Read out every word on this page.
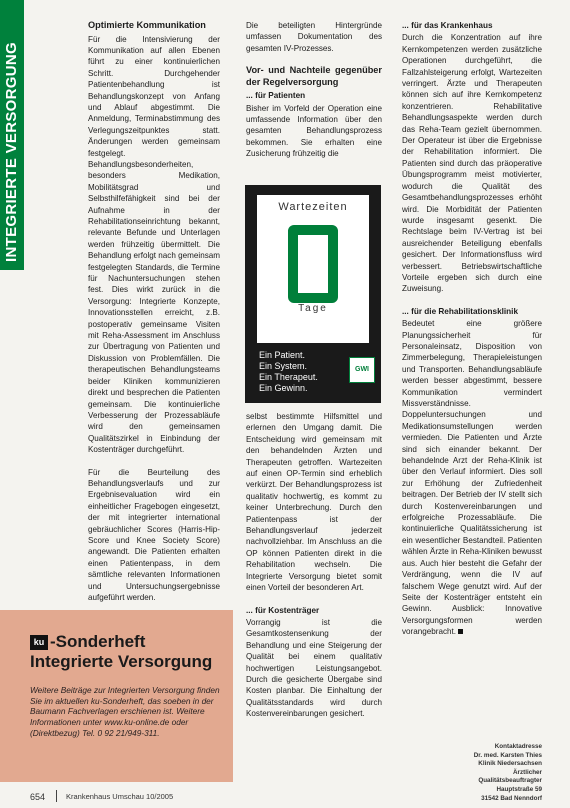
INTEGRIERTE VERSORGUNG
Optimierte Kommunikation

Für die Intensivierung der Kommunikation auf allen Ebenen führt zu einer kontinuierlichen Schritt. Durchgehender Patientenbehandlung ist Behandlungskonzept von Anfang und Ablauf abgestimmt. Die Anmeldung, Terminabstimmung des Verlegungszeitpunktes statt. Änderungen werden gemeinsam festgelegt. Behandlungsbesonderheiten, besonders Medikation, Mobilitätsgrad und Selbsthilfefähigkeit sind bei der Aufnahme in der Rehabilitationseinrichtung bekannt, relevante Befunde und Unterlagen werden frühzeitig übermittelt. Die Behandlung erfolgt nach gemeinsam festgelegten Standards, die Termine für Nachuntersuchungen stehen fest. Dies wirkt zurück in die Versorgung: Integrierte Konzepte, Innovationsstellen erreicht, z.B. postoperativ gemeinsame Visiten mit Reha-Assessment im Anschluss zur Übertragung von Patienten und Diskussion von Problemfällen. Die therapeutischen Behandlungsteams beider Kliniken kommunizieren direkt und besprechen die Patienten gemeinsam. Die kontinuierliche Verbesserung der Prozessabläufe wird den gemeinsamen Qualitätszirkel in Einbindung der Kostenträger durchgeführt.

Für die Beurteilung des Behandlungsverlaufs und zur Ergebnisevaluation wird ein einheitlicher Fragebogen eingesetzt, der mit integrierter international gebräuchlicher Scores (Harris-Hip-Score und Knee Society Score) angewandt. Die Patienten erhalten einen Patientenpass, in dem sämtliche relevanten Informationen und Untersuchungsergebnisse aufgeführt werden.

Die beteiligten Hintergründe umfassen Dokumentation des gesamten IV-Prozesses.

Vor- und Nachteile gegenüber der Regelversorgung
... für Patienten

Bisher im Vorfeld der Operation eine umfassende Information über den gesamten Behandlungsprozess bekommen. Sie erhalten eine Zusicherung frühzeitig die

Wartezeiten
Tage
Ein Patient.
Ein System.
Ein Therapeut.
Ein Gewinn.
GWI

selbst bestimmte Hilfsmittel und erlernen den Umgang damit. Die Entscheidung wird gemeinsam mit den behandelnden Ärzten und Therapeuten getroffen. Wartezeiten auf einen OP-Termin sind erheblich verkürzt. Der Behandlungsprozess ist qualitativ hochwertig, es kommt zu keiner Unterbrechung. Durch den Patientenpass ist der Behandlungsverlauf jederzeit nachvollziehbar. Im Anschluss an die OP können Patienten direkt in die Rehabilitation wechseln. Die Integrierte Versorgung bietet somit einen Vorteil der besonderen Art.

... für Kostenträger

Vorrangig ist die Gesamtkostensenkung der Behandlung und eine Steigerung der Qualität bei einem qualitativ hochwertigen Leistungsangebot. Durch die gesicherte Übergabe sind Kosten planbar. Die Einhaltung der Qualitätsstandards wird durch Kostenvereinbarungen gesichert.

... für das Krankenhaus

Durch die Konzentration auf ihre Kernkompetenzen werden zusätzliche Operationen durchgeführt, die Fallzahlsteigerung erfolgt, Wartezeiten verringert. Ärzte und Therapeuten können sich auf ihre Kernkompetenz konzentrieren. Rehabilitative Behandlungsaspekte werden durch das Reha-Team gezielt übernommen. Der Operateur ist über die Ergebnisse der Rehabilitation informiert. Die Patienten sind durch das präoperative Übungsprogramm meist motivierter, wodurch die Qualität des Gesamtbehandlungsprozesses erhöht wird. Die Morbidität der Patienten wurde insgesamt gesenkt. Die Rechtslage beim IV-Vertrag ist bei ausreichender Beteiligung ebenfalls gesichert. Der Informationsfluss wird verbessert. Betriebswirtschaftliche Vorteile ergeben sich durch eine Zuweisung.

... für die Rehabilitationsklinik

Bedeutet eine größere Planungssicherheit für Personaleinsatz, Disposition von Zimmerbelegung, Therapieleistungen und Transporten. Behandlungsabläufe werden besser abgestimmt, bessere Kommunikation vermindert Missverständnisse. Doppeluntersuchungen und Medikationsumstellungen werden vermieden. Die Patienten und Ärzte sind sich einander bekannt. Der behandelnde Arzt der Reha-Klinik ist über den Verlauf informiert. Dies soll zur Erhöhung der Zufriedenheit beitragen. Der Betrieb der IV stellt sich durch Kostenvereinbarungen und erfolgreiche Prozessabläufe. Die kontinuierliche Qualitätssicherung ist ein wesentlicher Bestandteil. Patienten wählen Ärzte in Reha-Kliniken bewusst aus. Auch hier besteht die Gefahr der Verdrängung, wenn die IV auf falschem Wege genutzt wird. Auf der Seite der Kostenträger entsteht ein Gewinn. Ausblick: Innovative Versorgungsformen werden vorangebracht.

Kontaktadresse
Dr. med. Karsten Thies
Klinik Niedersachsen
Ärztlicher Qualitätsbeauftragter
Hauptstraße 59
31542 Bad Nenndorf
ku -Sonderheft
Integrierte Versorgung
Weitere Beiträge zur Integrierten Versorgung finden Sie im aktuellen ku-Sonderheft, das soeben in der Baumann Fachverlagen erschienen ist. Weitere Informationen unter www.ku-online.de oder (Direktbezug) Tel. 0 92 21/949-311.
654	Krankenhaus Umschau 10/2005
